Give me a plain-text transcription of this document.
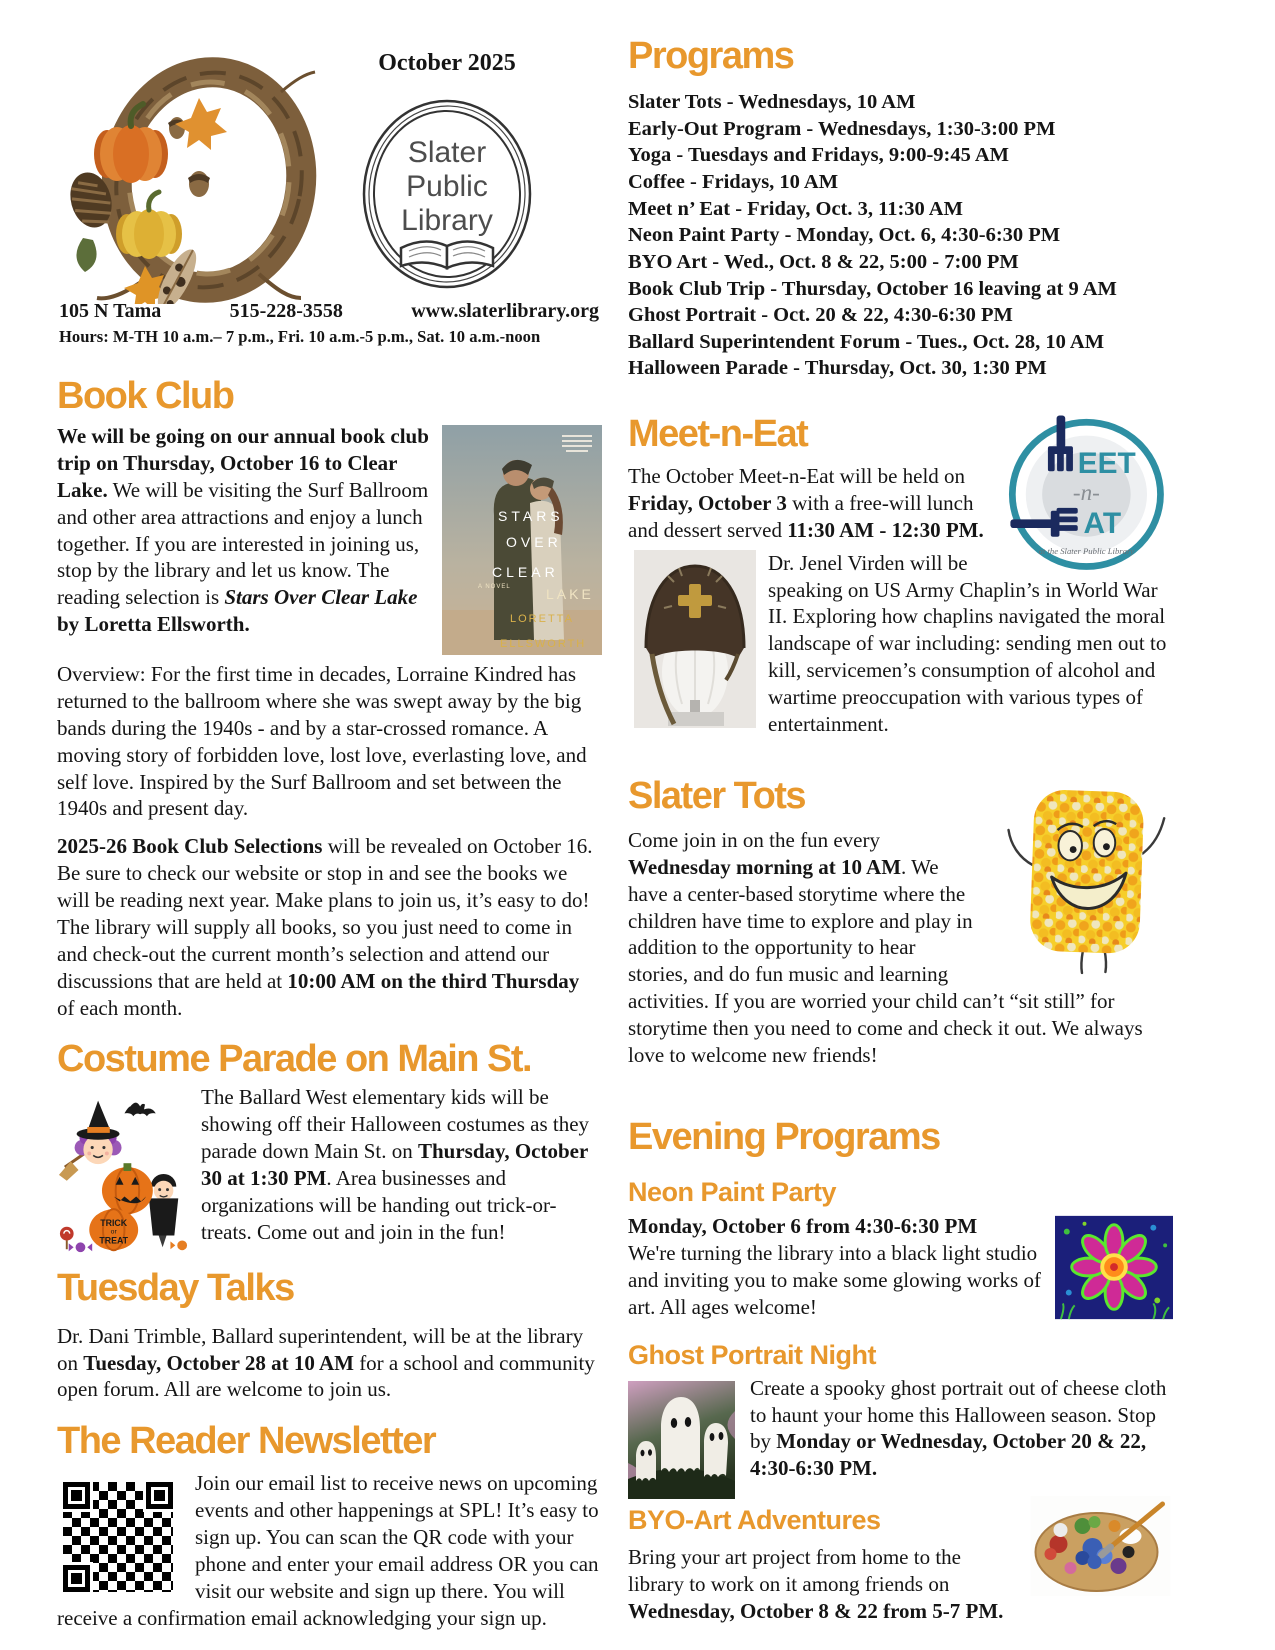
October 2025
Slater
Public
Library
105 N Tama	515-228-3558	www.slaterlibrary.org
Hours: M-TH 10 a.m.– 7 p.m., Fri. 10 a.m.-5 p.m., Sat. 10 a.m.-noon
Book Club
STARS
OVER
CLEAR
LAKE
A NOVEL
LORETTA
ELLSWORTH

We will be going on our annual book club trip on Thursday, October 16 to Clear Lake. We will be visiting the Surf Ballroom and other area attractions and enjoy a lunch together. If you are interested in joining us, stop by the library and let us know. The reading selection is Stars Over Clear Lake by Loretta Ellsworth.

Overview: For the first time in decades, Lorraine Kindred has returned to the ballroom where she was swept away by the big bands during the 1940s - and by a star-crossed romance. A moving story of forbidden love, lost love, everlasting love, and self love. Inspired by the Surf Ballroom and set between the 1940s and present day.

2025-26 Book Club Selections will be revealed on October 16. Be sure to check our website or stop in and see the books we will be reading next year. Make plans to join us, it’s easy to do! The library will supply all books, so you just need to come in and check-out the current month’s selection and attend our discussions that are held at 10:00 AM on the third Thursday of each month.

Costume Parade on Main St.
TRICK
or
TREAT

The Ballard West elementary kids will be showing off their Halloween costumes as they parade down Main St. on Thursday, October 30 at 1:30 PM. Area businesses and organizations will be handing out trick-or-treats. Come out and join in the fun!

Tuesday Talks

Dr. Dani Trimble, Ballard superintendent, will be at the library on Tuesday, October 28 at 10 AM for a school and community open forum. All are welcome to join us.

The Reader Newsletter

Join our email list to receive news on upcoming events and other happenings at SPL! It’s easy to sign up. You can scan the QR code with your phone and enter your email address OR you can visit our website and sign up there. You will receive a confirmation email acknowledging your sign up.

Programs
Slater Tots - Wednesdays, 10 AM
Early-Out Program - Wednesdays, 1:30-3:00 PM
Yoga - Tuesdays and Fridays, 9:00-9:45 AM
Coffee - Fridays, 10 AM
Meet n’ Eat - Friday, Oct. 3, 11:30 AM
Neon Paint Party - Monday, Oct. 6, 4:30-6:30 PM
BYO Art - Wed., Oct. 8 & 22, 5:00 - 7:00 PM
Book Club Trip - Thursday, October 16 leaving at 9 AM
Ghost Portrait - Oct. 20 & 22, 4:30-6:30 PM
Ballard Superintendent Forum - Tues., Oct. 28, 10 AM
Halloween Parade - Thursday, Oct. 30, 1:30 PM
EET
-n-
AT
at the Slater Public Library
Meet-n-Eat

The October Meet-n-Eat will be held on Friday, October 3 with a free-will lunch and dessert served 11:30 AM - 12:30 PM.

Dr. Jenel Virden will be speaking on US Army Chaplin’s in World War II. Exploring how chaplins navigated the moral landscape of war including: sending men out to kill, servicemen’s consumption of alcohol and wartime preoccupation with various types of entertainment.

Slater Tots

Come join in on the fun every Wednesday morning at 10 AM. We have a center-based storytime where the children have time to explore and play in addition to the opportunity to hear stories, and do fun music and learning activities. If you are worried your child can’t “sit still” for storytime then you need to come and check it out. We always love to welcome new friends!

Evening Programs
Neon Paint Party

Monday, October 6 from 4:30-6:30 PM
We're turning the library into a black light studio and inviting you to make some glowing works of art. All ages welcome!

Ghost Portrait Night

Create a spooky ghost portrait out of cheese cloth to haunt your home this Halloween season. Stop by Monday or Wednesday, October 20 & 22, 4:30-6:30 PM.

BYO-Art Adventures

Bring your art project from home to the library to work on it among friends on Wednesday, October 8 & 22 from 5-7 PM.
